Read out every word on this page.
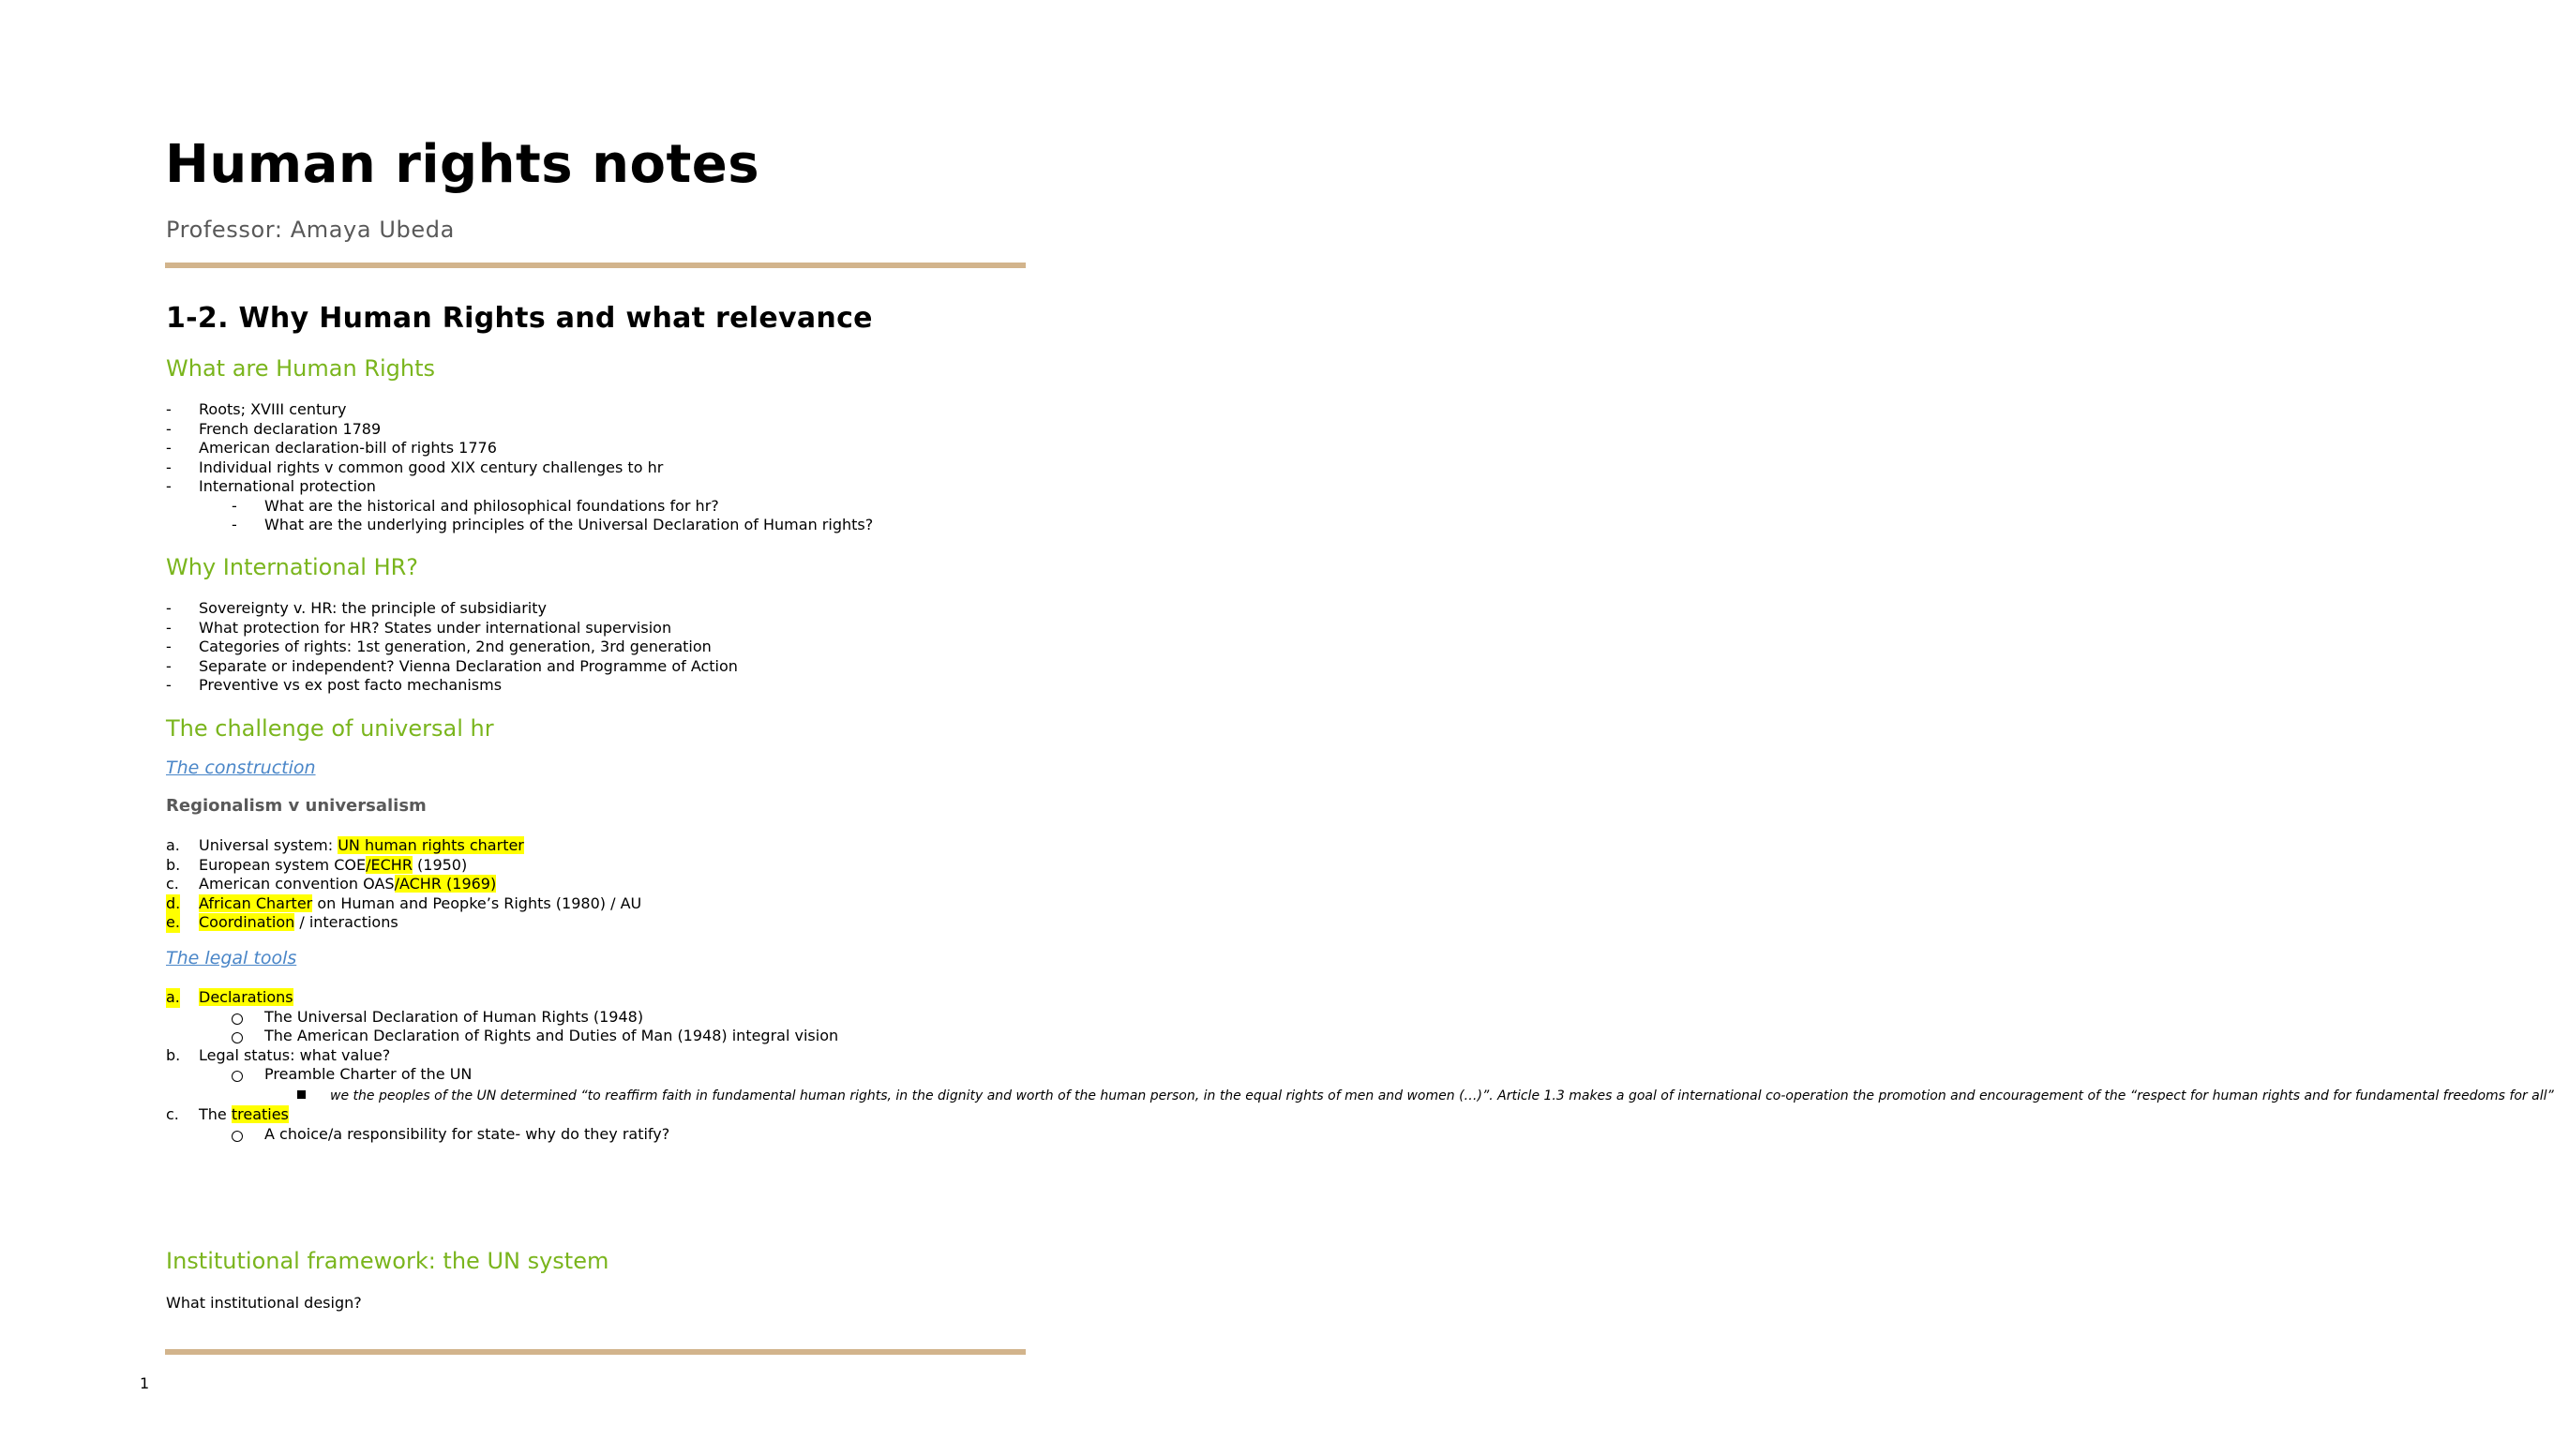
Human rights notes
Professor: Amaya Ubeda
1-2. Why Human Rights and what relevance
What are Human Rights
- Roots; XVIII century
- French declaration 1789
- American declaration-bill of rights 1776
- Individual rights v common good XIX century challenges to hr
- International protection
- What are the historical and philosophical foundations for hr?
- What are the underlying principles of the Universal Declaration of Human rights?
Why International HR?
- Sovereignty v. HR: the principle of subsidiarity
- What protection for HR? States under international supervision
- Categories of rights: 1st generation, 2nd generation, 3rd generation
- Separate or independent? Vienna Declaration and Programme of Action
- Preventive vs ex post facto mechanisms
The challenge of universal hr
The construction
Regionalism v universalism
a. Universal system: UN human rights charter
b. European system COE/ECHR (1950)
c. American convention OAS/ACHR (1969)
d. African Charter on Human and Peopke’s Rights (1980) / AU
e. Coordination / interactions
The legal tools
a. Declarations
The Universal Declaration of Human Rights (1948)
The American Declaration of Rights and Duties of Man (1948) integral vision
b. Legal status: what value?
Preamble Charter of the UN
we the peoples of the UN determined “to reaffirm faith in fundamental human rights, in the dignity and worth of the human person, in the equal rights of men and women (…)”. Article 1.3 makes a goal of international co-operation the promotion and encouragement of the “respect for human rights and for fundamental freedoms for all”
c. The treaties
A choice/a responsibility for state- why do they ratify?
Institutional framework: the UN system
What institutional design?
1
